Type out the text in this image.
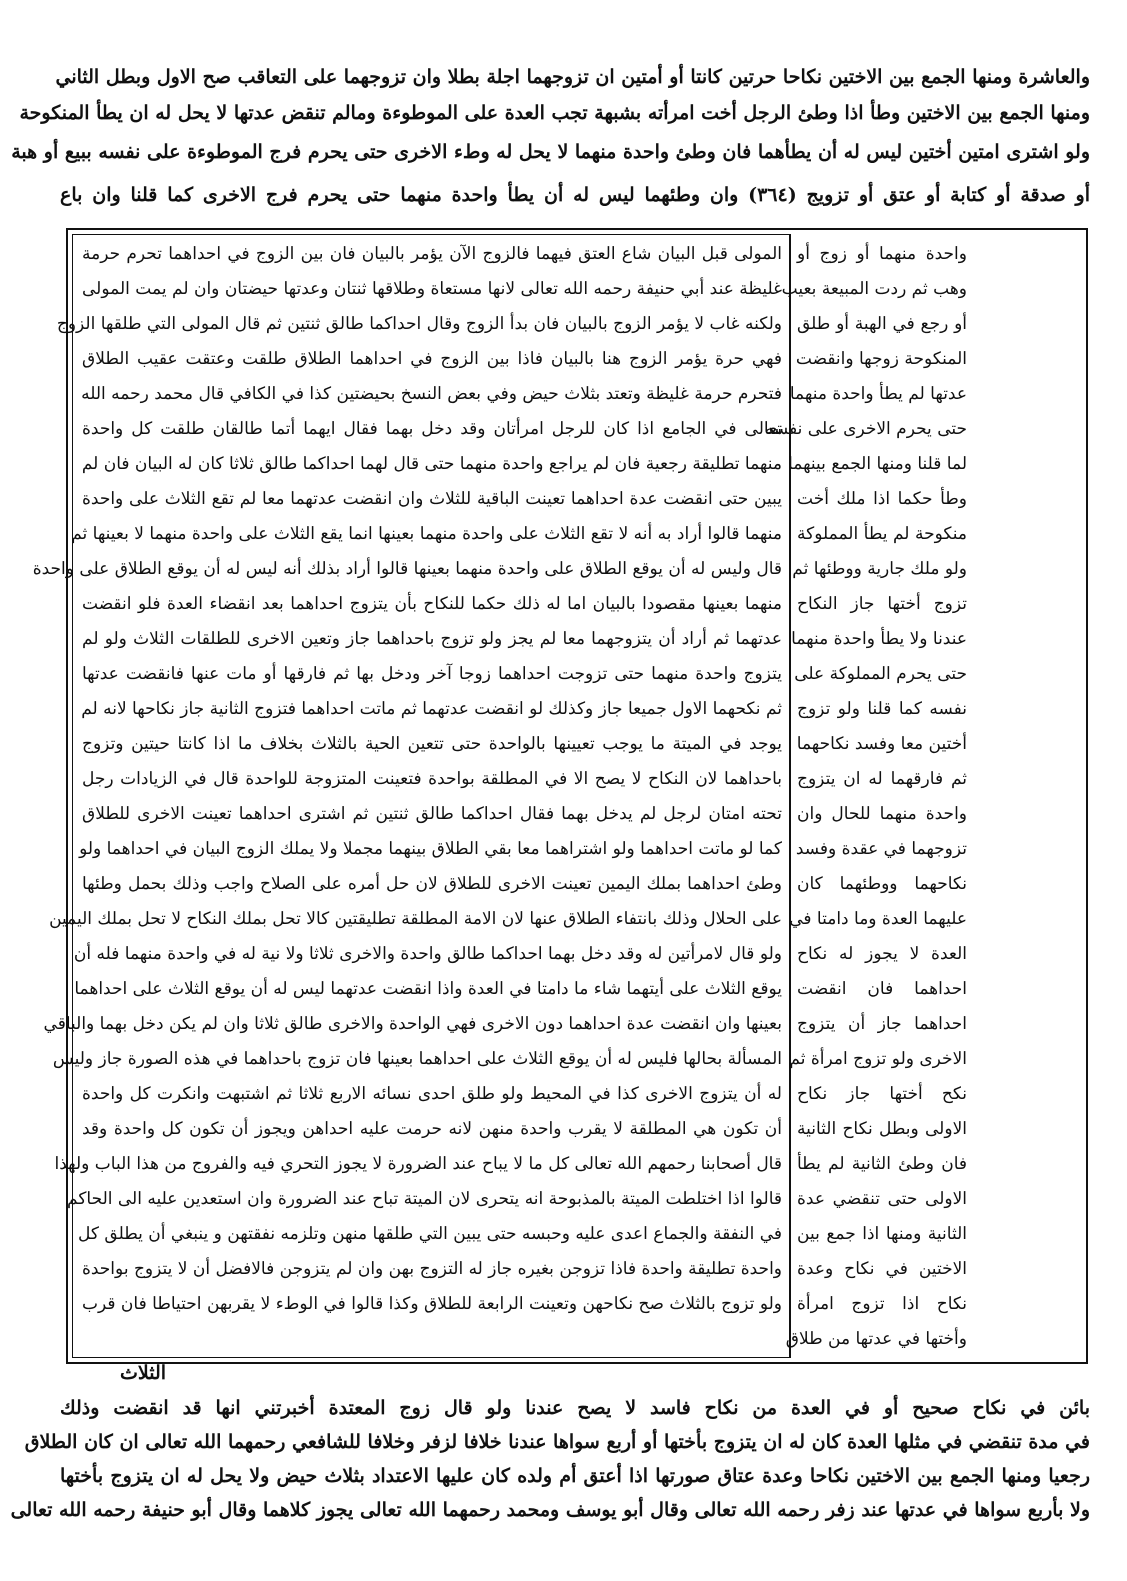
والعاشرة ومنها الجمع بين الاختين نكاحا حرتين كانتا أو أمتين ان تزوجهما اجلة بطلا وان تزوجهما على التعاقب صح الاول وبطل الثاني
ومنها الجمع بين الاختين وطأ اذا وطئ الرجل أخت امرأته بشبهة تجب العدة على الموطوءة ومالم تنقض عدتها لا يحل له ان يطأ المنكوحة
ولو اشترى امتين أختين ليس له أن يطأهما فان وطئ واحدة منهما لا يحل له وطء الاخرى حتى يحرم فرج الموطوءة على نفسه ببيع أو هبة
أو صدقة أو كتابة أو عتق أو تزويج (٣٦٤) وان وطئهما ليس له أن يطأ واحدة منهما حتى يحرم فرج الاخرى كما قلنا وان باع
المولى قبل البيان شاع العتق فيهما فالزوج الآن يؤمر بالبيان فان بين الزوج في احداهما تحرم حرمة
غليظة عند أبي حنيفة رحمه الله تعالى لانها مستعاة وطلاقها ثنتان وعدتها حيضتان وان لم يمت المولى
ولكنه غاب لا يؤمر الزوج بالبيان فان بدأ الزوج وقال احداكما طالق ثنتين ثم قال المولى التي طلقها الزوج
فهي حرة يؤمر الزوج هنا بالبيان فاذا بين الزوج في احداهما الطلاق طلقت وعتقت عقيب الطلاق
فتحرم حرمة غليظة وتعتد بثلاث حيض وفي بعض النسخ بحيضتين كذا في الكافي قال محمد رحمه الله
تعالى في الجامع اذا كان للرجل امرأتان وقد دخل بهما فقال ايهما أتما طالقان طلقت كل واحدة
منهما تطليقة رجعية فان لم يراجع واحدة منهما حتى قال لهما احداكما طالق ثلاثا كان له البيان فان لم
يبين حتى انقضت عدة احداهما تعينت الباقية للثلاث وان انقضت عدتهما معا لم تقع الثلاث على واحدة
منهما قالوا أراد به أنه لا تقع الثلاث على واحدة منهما بعينها انما يقع الثلاث على واحدة منهما لا بعينها ثم
قال وليس له أن يوقع الطلاق على واحدة منهما بعينها قالوا أراد بذلك أنه ليس له أن يوقع الطلاق على واحدة
منهما بعينها مقصودا بالبيان اما له ذلك حكما للنكاح بأن يتزوج احداهما بعد انقضاء العدة فلو انقضت
عدتهما ثم أراد أن يتزوجهما معا لم يجز ولو تزوج باحداهما جاز وتعين الاخرى للطلقات الثلاث ولو لم
يتزوج واحدة منهما حتى تزوجت احداهما زوجا آخر ودخل بها ثم فارقها أو مات عنها فانقضت عدتها
ثم نكحهما الاول جميعا جاز وكذلك لو انقضت عدتهما ثم ماتت احداهما فتزوج الثانية جاز نكاحها لانه لم
يوجد في الميتة ما يوجب تعيينها بالواحدة حتى تتعين الحية بالثلاث بخلاف ما اذا كانتا حيتين وتزوج
باحداهما لان النكاح لا يصح الا في المطلقة بواحدة فتعينت المتزوجة للواحدة قال في الزيادات رجل
تحته امتان لرجل لم يدخل بهما فقال احداكما طالق ثنتين ثم اشترى احداهما تعينت الاخرى للطلاق
كما لو ماتت احداهما ولو اشتراهما معا بقي الطلاق بينهما مجملا ولا يملك الزوج البيان في احداهما ولو
وطئ احداهما بملك اليمين تعينت الاخرى للطلاق لان حل أمره على الصلاح واجب وذلك بحمل وطئها
على الحلال وذلك بانتفاء الطلاق عنها لان الامة المطلقة تطليقتين كالا تحل بملك النكاح لا تحل بملك اليمين
ولو قال لامرأتين له وقد دخل بهما احداكما طالق واحدة والاخرى ثلاثا ولا نية له في واحدة منهما فله أن
يوقع الثلاث على أيتهما شاء ما دامتا في العدة واذا انقضت عدتهما ليس له أن يوقع الثلاث على احداهما
بعينها وان انقضت عدة احداهما دون الاخرى فهي الواحدة والاخرى طالق ثلاثا وان لم يكن دخل بهما والباقي
المسألة بحالها فليس له أن يوقع الثلاث على احداهما بعينها فان تزوج باحداهما في هذه الصورة جاز وليس
له أن يتزوج الاخرى كذا في المحيط ولو طلق احدى نسائه الاربع ثلاثا ثم اشتبهت وانكرت كل واحدة
أن تكون هي المطلقة لا يقرب واحدة منهن لانه حرمت عليه احداهن ويجوز أن تكون كل واحدة وقد
قال أصحابنا رحمهم الله تعالى كل ما لا يباح عند الضرورة لا يجوز التحري فيه والفروج من هذا الباب ولهذا
قالوا اذا اختلطت الميتة بالمذبوحة انه يتحرى لان الميتة تباح عند الضرورة وان استعدين عليه الى الحاكم
في النفقة والجماع اعدى عليه وحبسه حتى يبين التي طلقها منهن وتلزمه نفقتهن و ينبغي أن يطلق كل
واحدة تطليقة واحدة فاذا تزوجن بغيره جاز له التزوج بهن وان لم يتزوجن فالافضل أن لا يتزوج بواحدة
ولو تزوج بالثلاث صح نكاحهن وتعينت الرابعة للطلاق وكذا قالوا في الوطء لا يقربهن احتياطا فان قرب
واحدة منهما أو زوج أو
وهب ثم ردت المبيعة بعيب
أو رجع في الهبة أو طلق
المنكوحة زوجها وانقضت
عدتها لم يطأ واحدة منهما
حتى يحرم الاخرى على نفسه
لما قلنا ومنها الجمع بينهما
وطأ حكما اذا ملك أخت
منكوحة لم يطأ المملوكة
ولو ملك جارية ووطئها ثم
تزوج أختها جاز النكاح
عندنا ولا يطأ واحدة منهما
حتى يحرم المملوكة على
نفسه كما قلنا ولو تزوج
أختين معا وفسد نكاحهما
ثم فارقهما له ان يتزوج
واحدة منهما للحال وان
تزوجهما في عقدة وفسد
نكاحهما ووطئهما كان
عليهما العدة وما دامتا في
العدة لا يجوز له نكاح
احداهما فان انقضت
احداهما جاز أن يتزوج
الاخرى ولو تزوج امرأة ثم
نكح أختها جاز نكاح
الاولى وبطل نكاح الثانية
فان وطئ الثانية لم يطأ
الاولى حتى تنقضي عدة
الثانية ومنها اذا جمع بين
الاختين في نكاح وعدة
نكاح اذا تزوج امرأة
وأختها في عدتها من طلاق
الثلاث
بائن في نكاح صحيح أو في العدة من نكاح فاسد لا يصح عندنا ولو قال زوج المعتدة أخبرتني انها قد انقضت وذلك
في مدة تنقضي في مثلها العدة كان له ان يتزوج بأختها أو أربع سواها عندنا خلافا لزفر وخلافا للشافعي رحمهما الله تعالى ان كان الطلاق
رجعيا ومنها الجمع بين الاختين نكاحا وعدة عتاق صورتها اذا أعتق أم ولده كان عليها الاعتداد بثلاث حيض ولا يحل له ان يتزوج بأختها
ولا بأربع سواها في عدتها عند زفر رحمه الله تعالى وقال أبو يوسف ومحمد رحمهما الله تعالى يجوز كلاهما وقال أبو حنيفة رحمه الله تعالى
